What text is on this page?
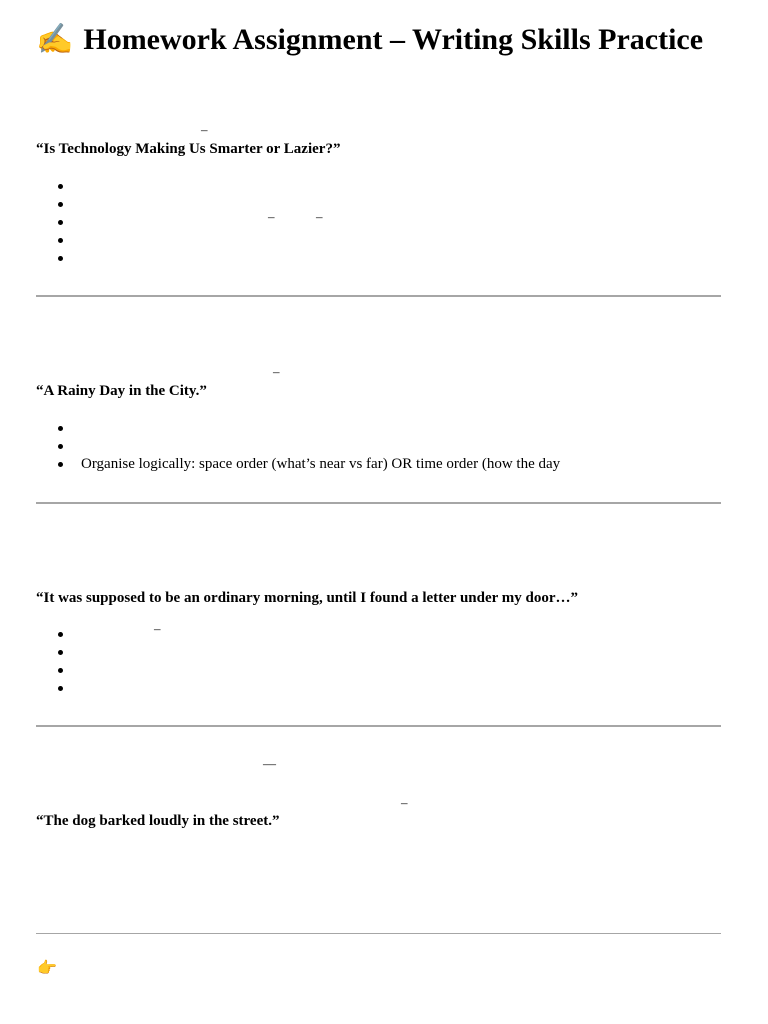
✍️ Homework Assignment – Writing Skills Practice
–
“Is Technology Making Us Smarter or Lazier?”
–	–
–
“A Rainy Day in the City.”
Organise logically: space order (what’s near vs far) OR time order (how the day
“It was supposed to be an ordinary morning, until I found a letter under my door…”
–
—
–
“The dog barked loudly in the street.”
👉
